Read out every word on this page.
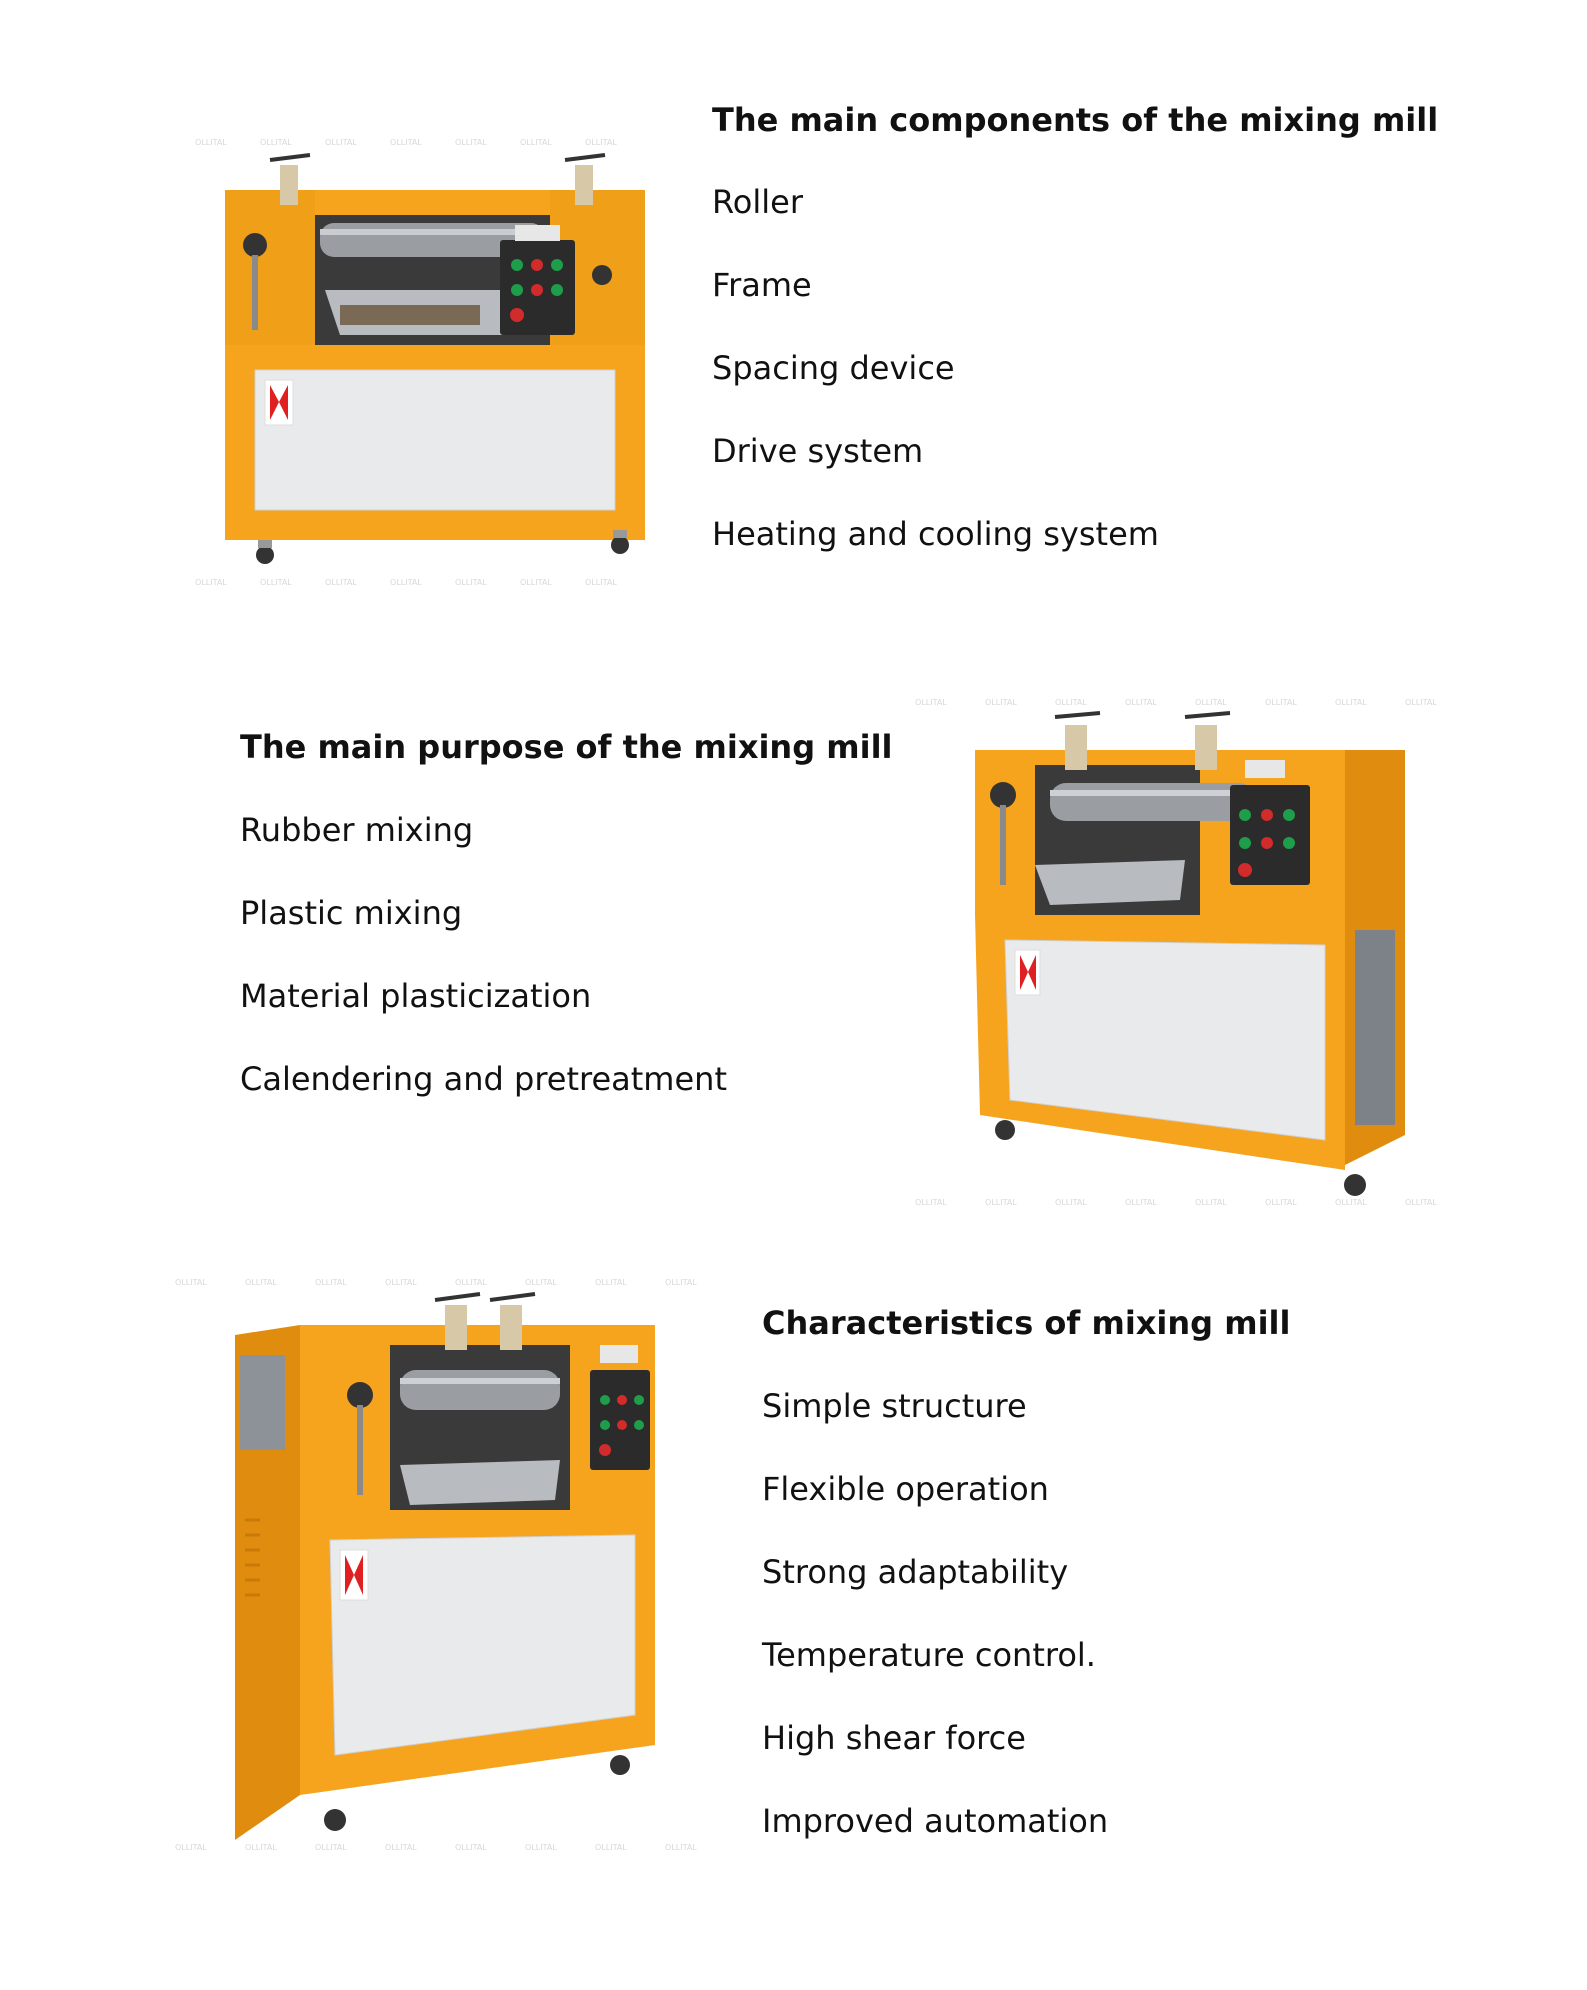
OLLITAL	OLLITAL	OLLITAL	OLLITAL	OLLITAL	OLLITAL	OLLITAL
OLLITAL	OLLITAL	OLLITAL	OLLITAL	OLLITAL	OLLITAL	OLLITAL
The main components of the mixing mill

Roller

Frame

Spacing device

Drive system

Heating and cooling system

The main purpose of the mixing mill

Rubber mixing

Plastic mixing

Material plasticization

Calendering and pretreatment

OLLITAL	OLLITAL	OLLITAL	OLLITAL	OLLITAL	OLLITAL	OLLITAL	OLLITAL
OLLITAL	OLLITAL	OLLITAL	OLLITAL	OLLITAL	OLLITAL	OLLITAL	OLLITAL
OLLITAL	OLLITAL	OLLITAL	OLLITAL	OLLITAL	OLLITAL	OLLITAL	OLLITAL
OLLITAL	OLLITAL	OLLITAL	OLLITAL	OLLITAL	OLLITAL	OLLITAL	OLLITAL
Characteristics of mixing mill

Simple structure

Flexible operation

Strong adaptability

Temperature control.

High shear force

Improved automation
